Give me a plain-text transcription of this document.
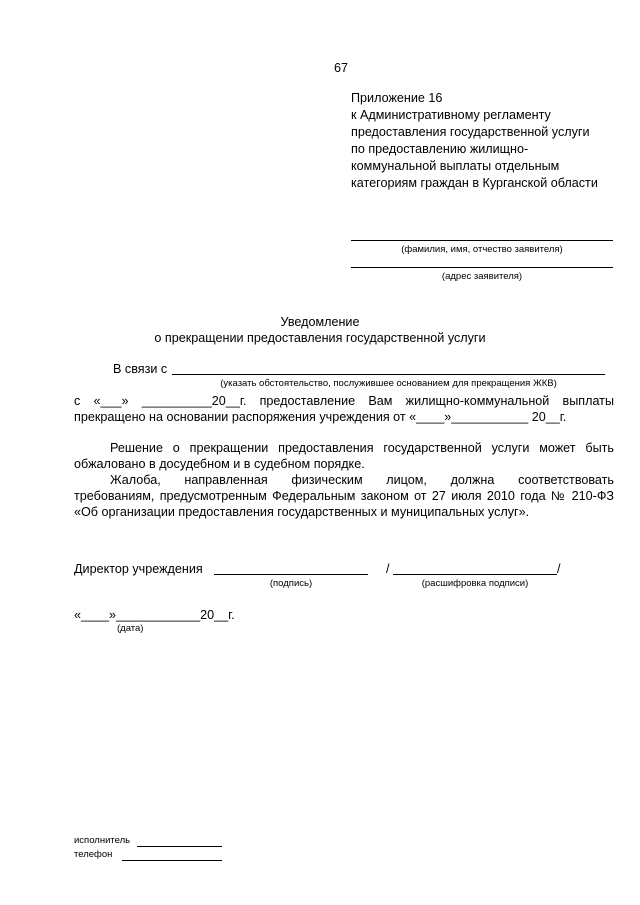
67
Приложение 16
к Административному регламенту
предоставления государственной услуги
по предоставлению жилищно-
коммунальной выплаты отдельным
категориям граждан в Курганской области
(фамилия, имя, отчество заявителя)
(адрес заявителя)
Уведомление
о прекращении предоставления государственной услуги
В связи с
(указать обстоятельство, послужившее основанием для прекращения ЖКВ)
с «___» __________20__г. предоставление Вам жилищно-коммунальной выплаты
прекращено на основании распоряжения учреждения от «____»___________ 20__г.
Решение о прекращении предоставления государственной услуги может быть
обжаловано в досудебном и в судебном порядке.
Жалоба, направленная физическим лицом, должна соответствовать
требованиям, предусмотренным Федеральным законом от 27 июля 2010 года № 210-ФЗ
«Об организации предоставления государственных и муниципальных услуг».
Директор учреждения
(подпись)
/	/
(расшифровка подписи)
«____»____________20__г.
(дата)
исполнитель
телефон
